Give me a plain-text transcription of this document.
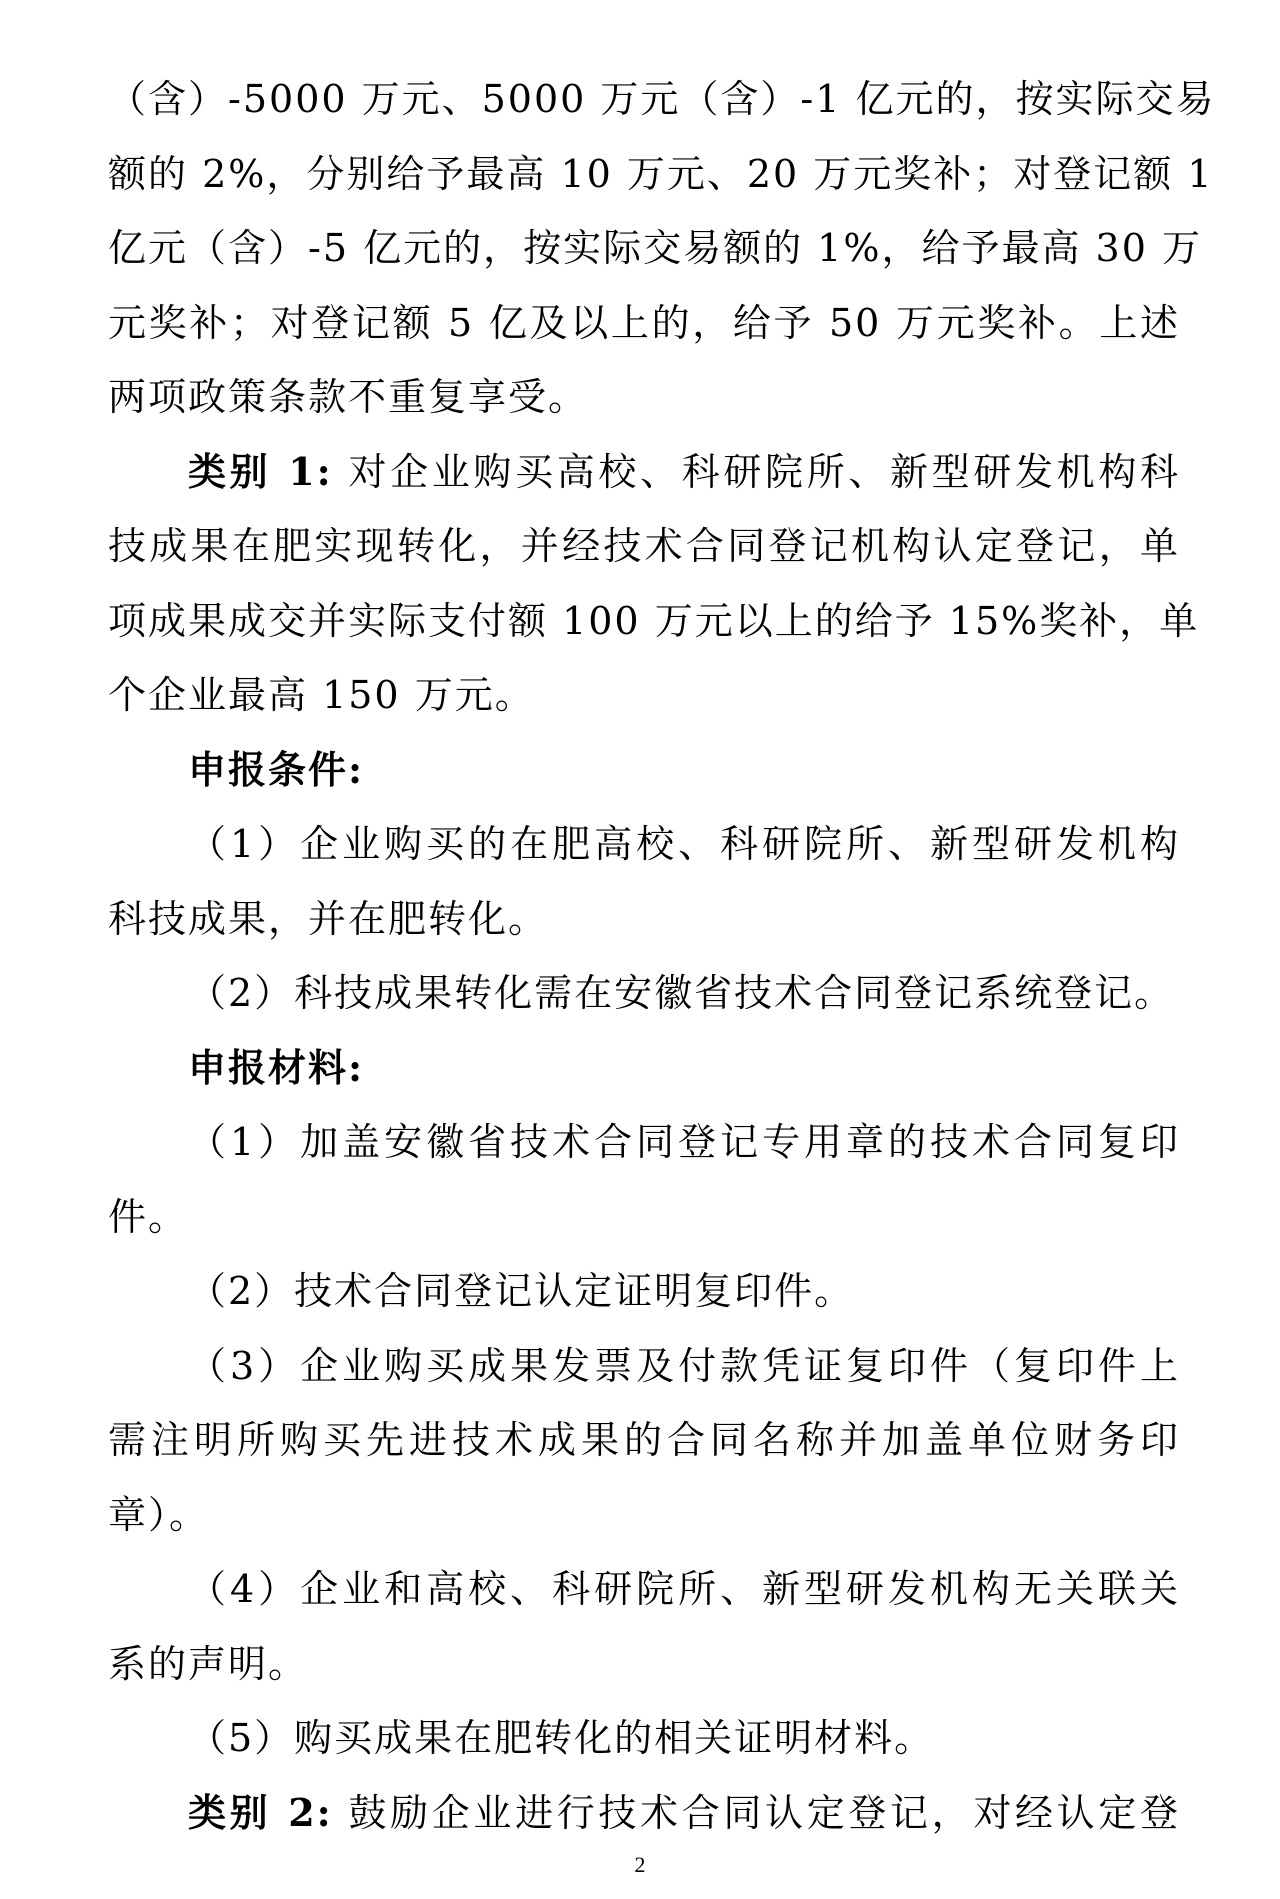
（含）-5000 万元、5000 万元（含）-1 亿元的，按实际交易
额的 2%，分别给予最高 10 万元、20 万元奖补；对登记额 1
亿元（含）-5 亿元的，按实际交易额的 1%，给予最高 30 万
元奖补；对登记额 5 亿及以上的，给予 50 万元奖补。上述
两项政策条款不重复享受。
类别 1: 对企业购买高校、科研院所、新型研发机构科
技成果在肥实现转化，并经技术合同登记机构认定登记，单
项成果成交并实际支付额 100 万元以上的给予 15%奖补，单
个企业最高 150 万元。
申报条件:
（1）企业购买的在肥高校、科研院所、新型研发机构
科技成果，并在肥转化。
（2）科技成果转化需在安徽省技术合同登记系统登记。
申报材料:
（1）加盖安徽省技术合同登记专用章的技术合同复印
件。
（2）技术合同登记认定证明复印件。
（3）企业购买成果发票及付款凭证复印件（复印件上
需注明所购买先进技术成果的合同名称并加盖单位财务印
章）。
（4）企业和高校、科研院所、新型研发机构无关联关
系的声明。
（5）购买成果在肥转化的相关证明材料。
类别 2: 鼓励企业进行技术合同认定登记，对经认定登
2
